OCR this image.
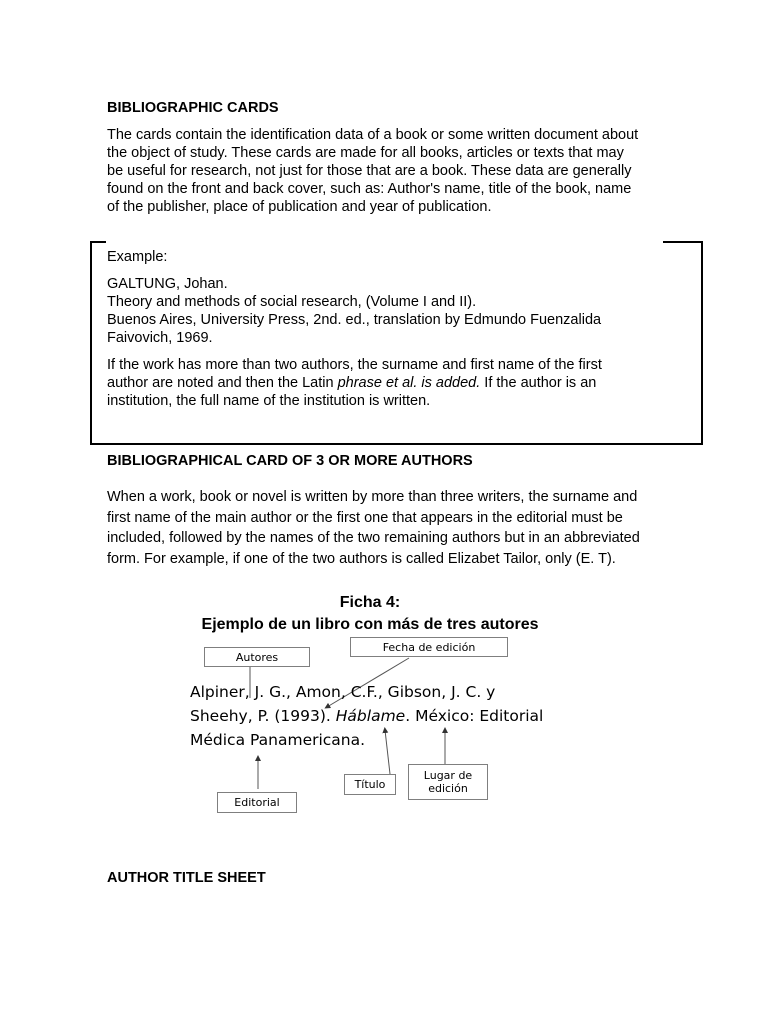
BIBLIOGRAPHIC CARDS
The cards contain the identification data of a book or some written document about
the object of study. These cards are made for all books, articles or texts that may
be useful for research, not just for those that are a book. These data are generally
found on the front and back cover, such as: Author's name, title of the book, name
of the publisher, place of publication and year of publication.
Example:
GALTUNG, Johan.
Theory and methods of social research, (Volume I and II).
Buenos Aires, University Press, 2nd. ed., translation by Edmundo Fuenzalida
Faivovich, 1969.
If the work has more than two authors, the surname and first name of the first
author are noted and then the Latin phrase et al. is added. If the author is an
institution, the full name of the institution is written.
BIBLIOGRAPHICAL CARD OF 3 OR MORE AUTHORS
When a work, book or novel is written by more than three writers, the surname and
first name of the main author or the first one that appears in the editorial must be
included, followed by the names of the two remaining authors but in an abbreviated
form. For example, if one of the two authors is called Elizabet Tailor, only (E. T).
Ficha 4:
Ejemplo de un libro con más de tres autores
Autores
Fecha de edición
Alpiner, J. G., Amon, C.F., Gibson, J. C. y
Sheehy, P. (1993). Háblame. México: Editorial
Médica Panamericana.
Título
Lugar de
edición
Editorial
AUTHOR TITLE SHEET
